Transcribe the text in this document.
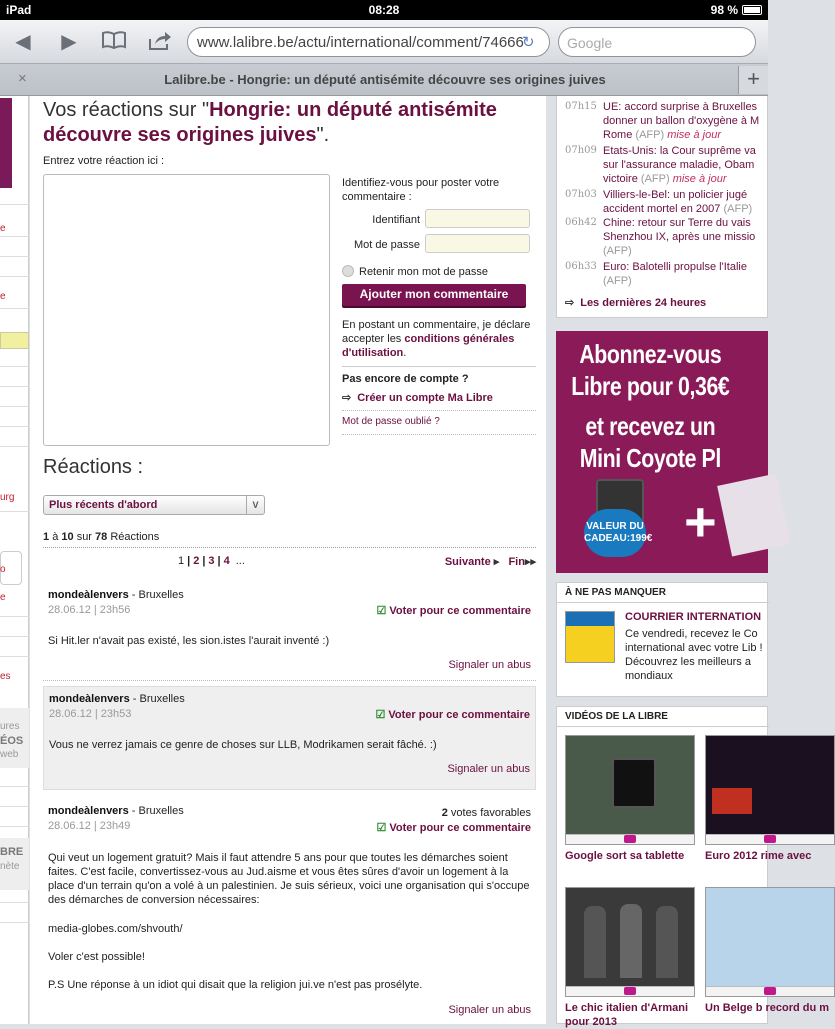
iPad	08:28	98 %
◀ ▶	www.lalibre.be/actu/international/comment/74666
↻	Google
×	Lalibre.be - Hongrie: un député antisémite découvre ses origines juives	+
e
e
urg
o
e
es
ures
ÉOS
web
BRE
nète
Vos réactions sur "Hongrie: un député antisémite découvre ses origines juives".
Entrez votre réaction ici :
Identifiez-vous pour poster votre commentaire :
Identifiant
Mot de passe
Retenir mon mot de passe
Ajouter mon commentaire
En postant un commentaire, je déclare accepter les conditions générales d'utilisation.
Pas encore de compte ?
⇨ Créer un compte Ma Libre
Mot de passe oublié ?
Réactions :
Plus récents d'abord	V
1 à 10 sur 78 Réactions
1 | 2 | 3 | 4 ...	Suivante ▸ Fin▸▸
mondeàlenvers - Bruxelles
28.06.12 | 23h56	☑ Voter pour ce commentaire
Si Hit.ler n'avait pas existé, les sion.istes l'aurait inventé :)
Signaler un abus
mondeàlenvers - Bruxelles
28.06.12 | 23h53	☑ Voter pour ce commentaire
Vous ne verrez jamais ce genre de choses sur LLB, Modrikamen serait fâché. :)
Signaler un abus
mondeàlenvers - Bruxelles
28.06.12 | 23h49
2 votes favorables
☑ Voter pour ce commentaire
Qui veut un logement gratuit? Mais il faut attendre 5 ans pour que toutes les démarches soient faites. C'est facile, convertissez-vous au Jud.aisme et vous êtes sûres d'avoir un logement à la place d'un terrain qu'on a volé à un palestinien. Je suis sérieux, voici une organisation qui s'occupe des démarches de conversion nécessaires:
media-globes.com/shvouth/
Voler c'est possible!
P.S Une réponse à un idiot qui disait que la religion jui.ve n'est pas prosélyte.
Signaler un abus
07h15 UE: accord surprise à Bruxelles
donner un ballon d'oxygène à M
Rome (AFP) mise à jour
07h09 Etats-Unis: la Cour suprême va
sur l'assurance maladie, Obam
victoire (AFP) mise à jour
07h03 Villiers-le-Bel: un policier jugé
accident mortel en 2007 (AFP)
06h42 Chine: retour sur Terre du vais
Shenzhou IX, après une missio
(AFP)
06h33 Euro: Balotelli propulse l'Italie
(AFP)
⇨ Les dernières 24 heures
Abonnez-vous
Libre pour 0,36€
et recevez un
Mini Coyote Pl
VALEUR DU CADEAU:199€ +
À NE PAS MANQUER
COURRIER INTERNATION
Ce vendredi, recevez le Co international avec votre Lib ! Découvrez les meilleurs a mondiaux
VIDÉOS DE LA LIBRE
Google sort sa tablette	Euro 2012 rime avec
Le chic italien d'Armani pour 2013
Un Belge b record du m
